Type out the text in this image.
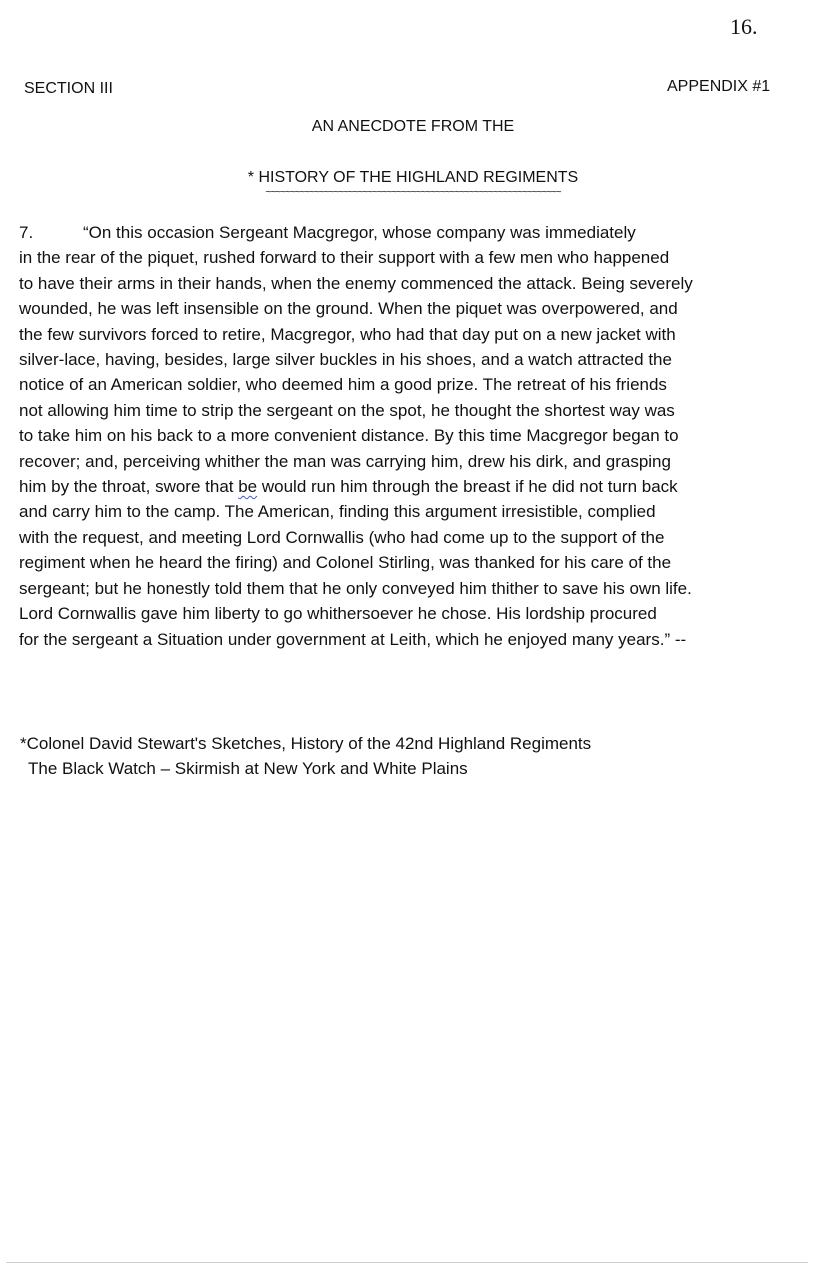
16.
SECTION III	APPENDIX #1
AN ANECDOTE FROM THE
* HISTORY OF THE HIGHLAND REGIMENTS
~~~~~~~~~~~~~~~~~~~~~~~~~~~~~~~~~~~~~~~~~~~~~~~~~~~~~~~~~~~~~
7.	“On this occasion Sergeant Macgregor, whose company was immediately
in the rear of the piquet, rushed forward to their support with a few men who happened
to have their arms in their hands, when the enemy commenced the attack. Being severely
wounded, he was left insensible on the ground. When the piquet was overpowered, and
the few survivors forced to retire, Macgregor, who had that day put on a new jacket with
silver-lace, having, besides, large silver buckles in his shoes, and a watch attracted the
notice of an American soldier, who deemed him a good prize. The retreat of his friends
not allowing him time to strip the sergeant on the spot, he thought the shortest way was
to take him on his back to a more convenient distance. By this time Macgregor began to
recover; and, perceiving whither the man was carrying him, drew his dirk, and grasping
him by the throat, swore that be would run him through the breast if he did not turn back
and carry him to the camp. The American, finding this argument irresistible, complied
with the request, and meeting Lord Cornwallis (who had come up to the support of the
regiment when he heard the firing) and Colonel Stirling, was thanked for his care of the
sergeant; but he honestly told them that he only conveyed him thither to save his own life.
Lord Cornwallis gave him liberty to go whithersoever he chose. His lordship procured
for the sergeant a Situation under government at Leith, which he enjoyed many years.” --
*Colonel David Stewart's Sketches, History of the 42nd Highland Regiments
The Black Watch – Skirmish at New York and White Plains
